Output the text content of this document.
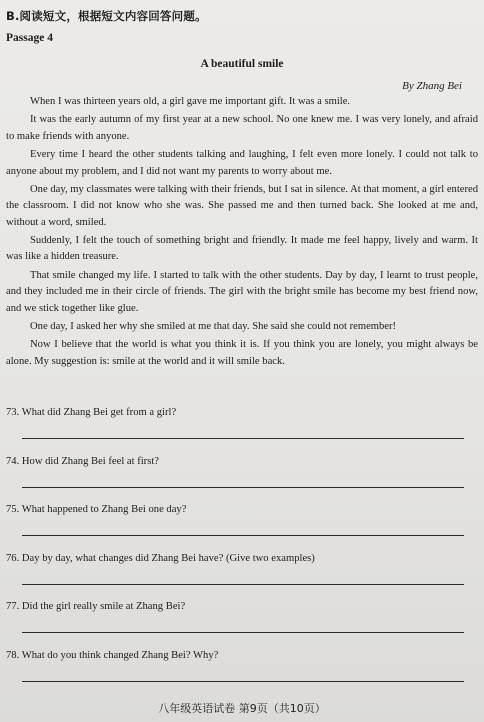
B.阅读短文，根据短文内容回答问题。
Passage 4
A beautiful smile
By Zhang Bei

When I was thirteen years old, a girl gave me important gift. It was a smile.

It was the early autumn of my first year at a new school. No one knew me. I was very lonely, and afraid to make friends with anyone.

Every time I heard the other students talking and laughing, I felt even more lonely. I could not talk to anyone about my problem, and I did not want my parents to worry about me.

One day, my classmates were talking with their friends, but I sat in silence. At that moment, a girl entered the classroom. I did not know who she was. She passed me and then turned back. She looked at me and, without a word, smiled.

Suddenly, I felt the touch of something bright and friendly. It made me feel happy, lively and warm. It was like a hidden treasure.

That smile changed my life. I started to talk with the other students. Day by day, I learnt to trust people, and they included me in their circle of friends. The girl with the bright smile has become my best friend now, and we stick together like glue.

One day, I asked her why she smiled at me that day. She said she could not remember!

Now I believe that the world is what you think it is. If you think you are lonely, you might always be alone. My suggestion is: smile at the world and it will smile back.

73. What did Zhang Bei get from a girl?
74. How did Zhang Bei feel at first?
75. What happened to Zhang Bei one day?
76. Day by day, what changes did Zhang Bei have? (Give two examples)
77. Did the girl really smile at Zhang Bei?
78. What do you think changed Zhang Bei? Why?
八年级英语试卷 第9页（共10页）
